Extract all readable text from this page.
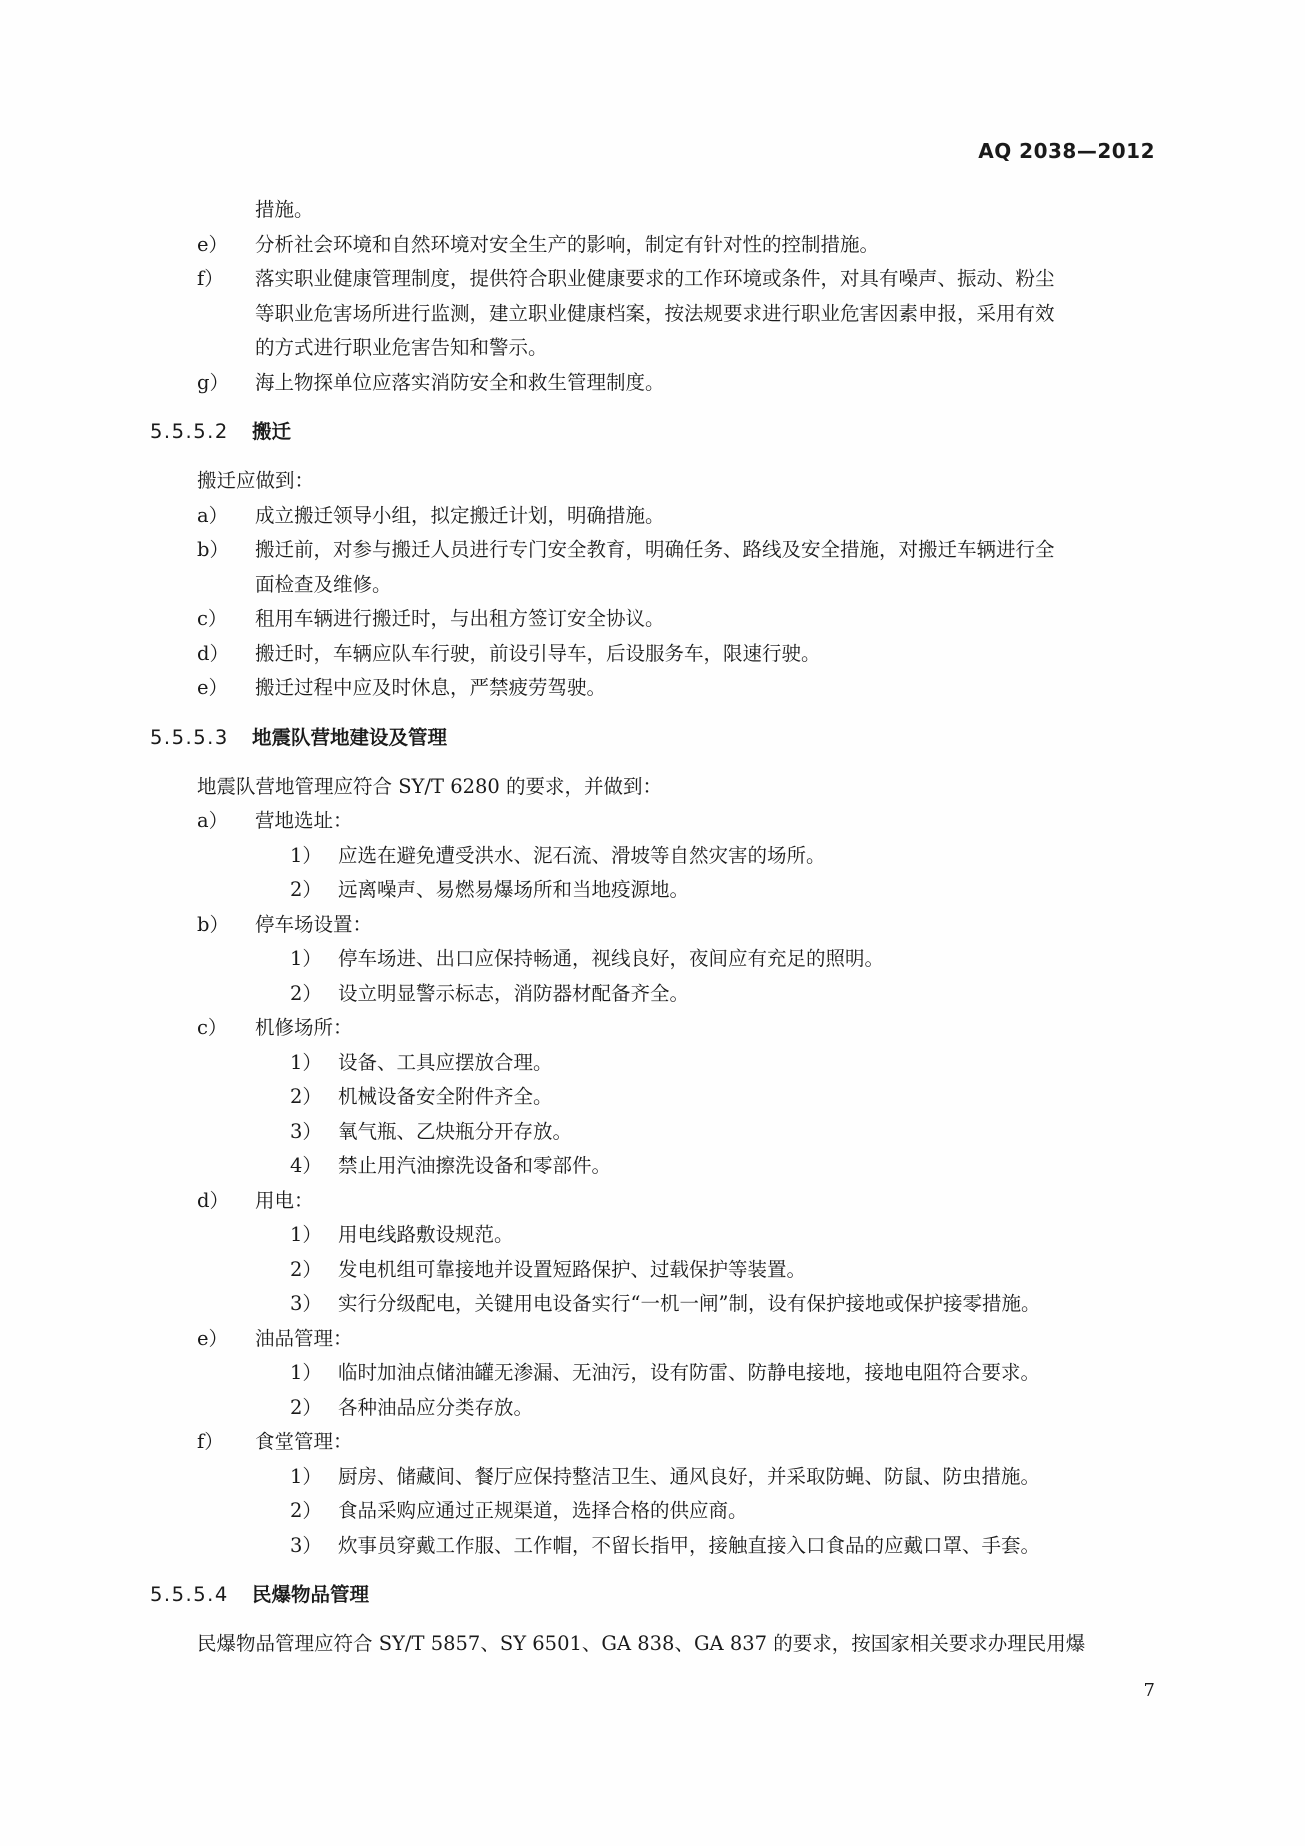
AQ 2038—2012
措施。
e）	分析社会环境和自然环境对安全生产的影响，制定有针对性的控制措施。
f）	落实职业健康管理制度，提供符合职业健康要求的工作环境或条件，对具有噪声、振动、粉尘
等职业危害场所进行监测，建立职业健康档案，按法规要求进行职业危害因素申报，采用有效
的方式进行职业危害告知和警示。
g）	海上物探单位应落实消防安全和救生管理制度。
5.5.5.2	搬迁
搬迁应做到：
a）	成立搬迁领导小组，拟定搬迁计划，明确措施。
b）	搬迁前，对参与搬迁人员进行专门安全教育，明确任务、路线及安全措施，对搬迁车辆进行全
面检查及维修。
c）	租用车辆进行搬迁时，与出租方签订安全协议。
d）	搬迁时，车辆应队车行驶，前设引导车，后设服务车，限速行驶。
e）	搬迁过程中应及时休息，严禁疲劳驾驶。
5.5.5.3	地震队营地建设及管理
地震队营地管理应符合 SY/T 6280 的要求，并做到：
a）	营地选址：
1） 应选在避免遭受洪水、泥石流、滑坡等自然灾害的场所。
2） 远离噪声、易燃易爆场所和当地疫源地。
b）	停车场设置：
1） 停车场进、出口应保持畅通，视线良好，夜间应有充足的照明。
2） 设立明显警示标志，消防器材配备齐全。
c）	机修场所：
1） 设备、工具应摆放合理。
2） 机械设备安全附件齐全。
3） 氧气瓶、乙炔瓶分开存放。
4） 禁止用汽油擦洗设备和零部件。
d）	用电：
1） 用电线路敷设规范。
2） 发电机组可靠接地并设置短路保护、过载保护等装置。
3） 实行分级配电，关键用电设备实行“一机一闸”制，设有保护接地或保护接零措施。
e）	油品管理：
1） 临时加油点储油罐无渗漏、无油污，设有防雷、防静电接地，接地电阻符合要求。
2） 各种油品应分类存放。
f）	食堂管理：
1） 厨房、储藏间、餐厅应保持整洁卫生、通风良好，并采取防蝇、防鼠、防虫措施。
2） 食品采购应通过正规渠道，选择合格的供应商。
3） 炊事员穿戴工作服、工作帽，不留长指甲，接触直接入口食品的应戴口罩、手套。
5.5.5.4	民爆物品管理
民爆物品管理应符合 SY/T 5857、SY 6501、GA 838、GA 837 的要求，按国家相关要求办理民用爆
7
